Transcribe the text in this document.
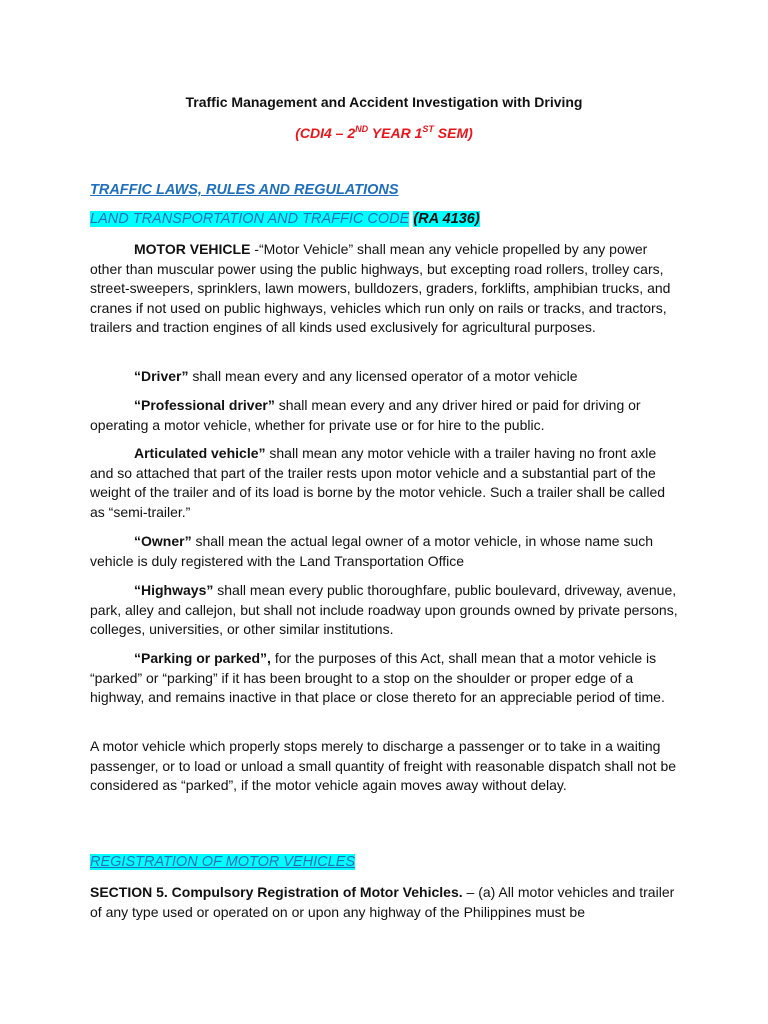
Traffic Management and Accident Investigation with Driving
(CDI4 – 2ND YEAR 1ST SEM)
TRAFFIC LAWS, RULES AND REGULATIONS
LAND TRANSPORTATION AND TRAFFIC CODE (RA 4136)
MOTOR VEHICLE -“Motor Vehicle” shall mean any vehicle propelled by any power other than muscular power using the public highways, but excepting road rollers, trolley cars, street-sweepers, sprinklers, lawn mowers, bulldozers, graders, forklifts, amphibian trucks, and cranes if not used on public highways, vehicles which run only on rails or tracks, and tractors, trailers and traction engines of all kinds used exclusively for agricultural purposes.
“Driver” shall mean every and any licensed operator of a motor vehicle
“Professional driver” shall mean every and any driver hired or paid for driving or operating a motor vehicle, whether for private use or for hire to the public.
Articulated vehicle” shall mean any motor vehicle with a trailer having no front axle and so attached that part of the trailer rests upon motor vehicle and a substantial part of the weight of the trailer and of its load is borne by the motor vehicle. Such a trailer shall be called as “semi-trailer.”
“Owner” shall mean the actual legal owner of a motor vehicle, in whose name such vehicle is duly registered with the Land Transportation Office
“Highways” shall mean every public thoroughfare, public boulevard, driveway, avenue, park, alley and callejon, but shall not include roadway upon grounds owned by private persons, colleges, universities, or other similar institutions.
“Parking or parked”, for the purposes of this Act, shall mean that a motor vehicle is “parked” or “parking” if it has been brought to a stop on the shoulder or proper edge of a highway, and remains inactive in that place or close thereto for an appreciable period of time.
A motor vehicle which properly stops merely to discharge a passenger or to take in a waiting passenger, or to load or unload a small quantity of freight with reasonable dispatch shall not be considered as “parked”, if the motor vehicle again moves away without delay.
REGISTRATION OF MOTOR VEHICLES
SECTION 5. Compulsory Registration of Motor Vehicles. – (a) All motor vehicles and trailer of any type used or operated on or upon any highway of the Philippines must be
